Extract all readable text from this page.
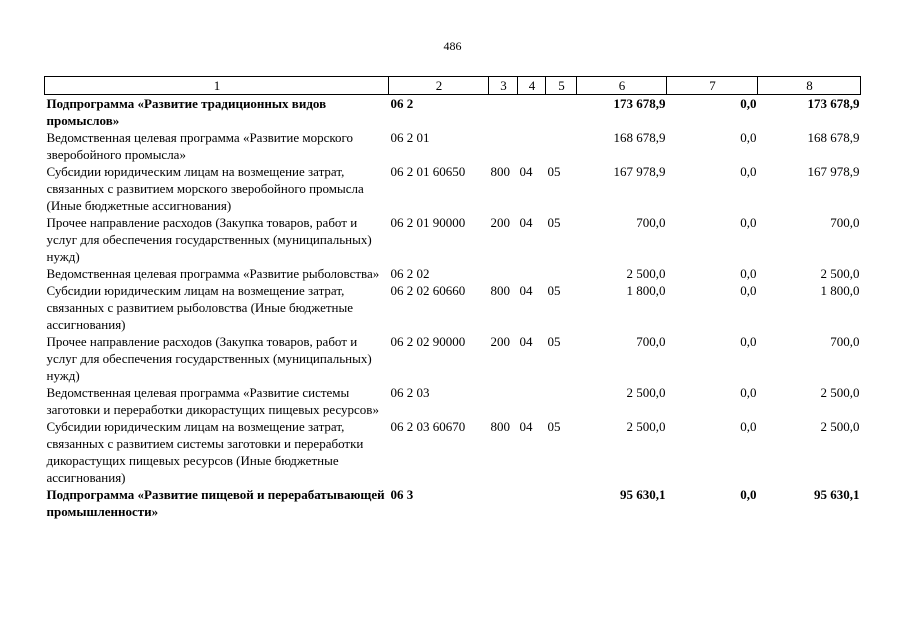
486
1	2	3	4	5	6	7	8
Подпрограмма «Развитие традиционных видов промыслов»	06 2				173 678,9	0,0	173 678,9
Ведомственная целевая программа «Развитие морского зверобойного промысла»	06 2 01				168 678,9	0,0	168 678,9
Субсидии юридическим лицам на возмещение затрат, связанных с развитием морского зверобойного промысла (Иные бюджетные ассигнования)	06 2 01 60650	800	04	05	167 978,9	0,0	167 978,9
Прочее направление расходов (Закупка товаров, работ и услуг для обеспечения государственных (муниципальных) нужд)	06 2 01 90000	200	04	05	700,0	0,0	700,0
Ведомственная целевая программа «Развитие рыболовства»	06 2 02				2 500,0	0,0	2 500,0
Субсидии юридическим лицам на возмещение затрат, связанных с развитием рыболовства (Иные бюджетные ассигнования)	06 2 02 60660	800	04	05	1 800,0	0,0	1 800,0
Прочее направление расходов (Закупка товаров, работ и услуг для обеспечения государственных (муниципальных) нужд)	06 2 02 90000	200	04	05	700,0	0,0	700,0
Ведомственная целевая программа «Развитие системы заготовки и переработки дикорастущих пищевых ресурсов»	06 2 03				2 500,0	0,0	2 500,0
Субсидии юридическим лицам на возмещение затрат, связанных с развитием системы заготовки и переработки дикорастущих пищевых ресурсов (Иные бюджетные ассигнования)	06 2 03 60670	800	04	05	2 500,0	0,0	2 500,0
Подпрограмма «Развитие пищевой и перерабатывающей промышленности»	06 3				95 630,1	0,0	95 630,1
